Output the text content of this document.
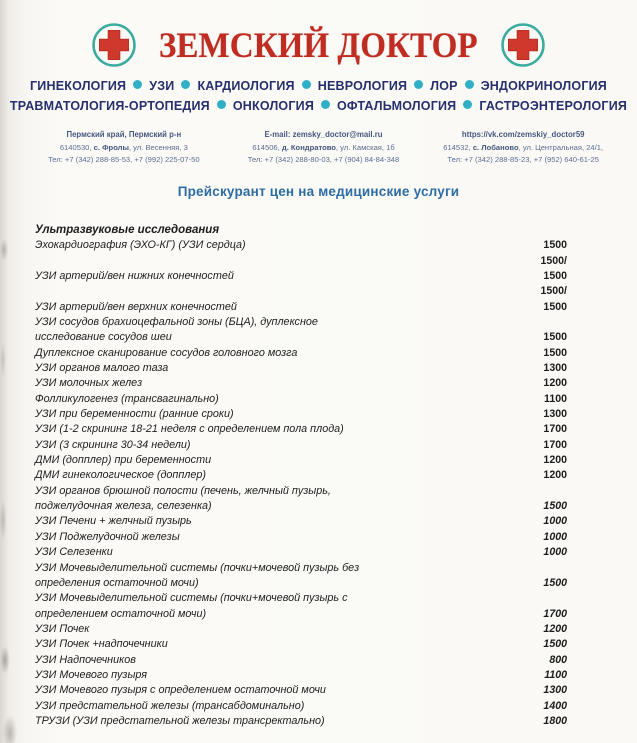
ЗЕМСКИЙ ДОКТОР
ГИНЕКОЛОГИЯ УЗИ КАРДИОЛОГИЯ НЕВРОЛОГИЯ ЛОР ЭНДОКРИНОЛОГИЯ
ТРАВМАТОЛОГИЯ-ОРТОПЕДИЯ ОНКОЛОГИЯ ОФТАЛЬМОЛОГИЯ ГАСТРОЭНТЕРОЛОГИЯ
Пермский край, Пермский р-н
6140530, с. Фролы, ул. Весенняя, 3
Тел: +7 (342) 288-85-53, +7 (992) 225-07-50
E-mail: zemsky_doctor@mail.ru
614506, д. Кондратово, ул. Камская, 1б
Тел: +7 (342) 288-80-03, +7 (904) 84-84-348
https://vk.com/zemskiy_doctor59
614532, с. Лобаново, ул. Центральная, 24/1,
Тел: +7 (342) 288-85-23, +7 (952) 640-61-25
Прейскурант цен на медицинские услуги
Ультразвуковые исследования
Эхокардиография (ЭХО-КГ) (УЗИ сердца)	1500
1500/
УЗИ артерий/вен нижних конечностей	1500
1500/
УЗИ артерий/вен верхних конечностей	1500
УЗИ сосудов брахиоцефальной зоны (БЦА), дуплексное
исследование сосудов шеи	1500
Дуплексное сканирование сосудов головного мозга	1500
УЗИ органов малого таза	1300
УЗИ молочных желез	1200
Фолликулогенез (трансвагинально)	1100
УЗИ при беременности (ранние сроки)	1300
УЗИ (1-2 скрининг 18-21 неделя с определением пола плода)	1700
УЗИ (3 скрининг 30-34 недели)	1700
ДМИ (допплер) при беременности	1200
ДМИ гинекологическое (допплер)	1200
УЗИ органов брюшной полости (печень, желчный пузырь,
поджелудочная железа, селезенка)	1500
УЗИ Печени + желчный пузырь	1000
УЗИ Поджелудочной железы	1000
УЗИ Селезенки	1000
УЗИ Мочевыделительной системы (почки+мочевой пузырь без
определения остаточной мочи)	1500
УЗИ Мочевыделительной системы (почки+мочевой пузырь с
определением остаточной мочи)	1700
УЗИ Почек	1200
УЗИ Почек +надпочечники	1500
УЗИ Надпочечников	800
УЗИ Мочевого пузыря	1100
УЗИ Мочевого пузыря с определением остаточной мочи	1300
УЗИ предстательной железы (трансабдоминально)	1400
ТРУЗИ (УЗИ предстательной железы трансректально)	1800
